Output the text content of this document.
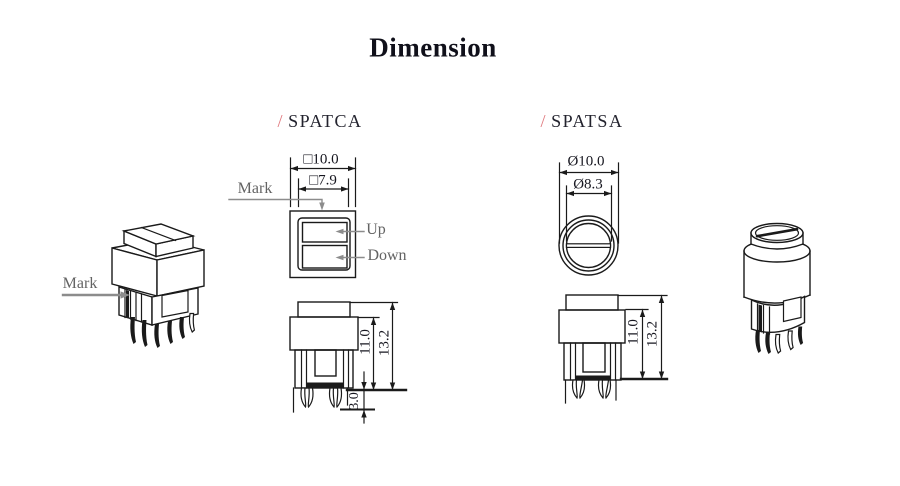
Dimension
/ SPATCA	/ SPATSA
□10.0
□7.9
Mark
Up
Down
11.0 13.2
3.0
Ø10.0
Ø8.3
11.0 13.2
Mark
